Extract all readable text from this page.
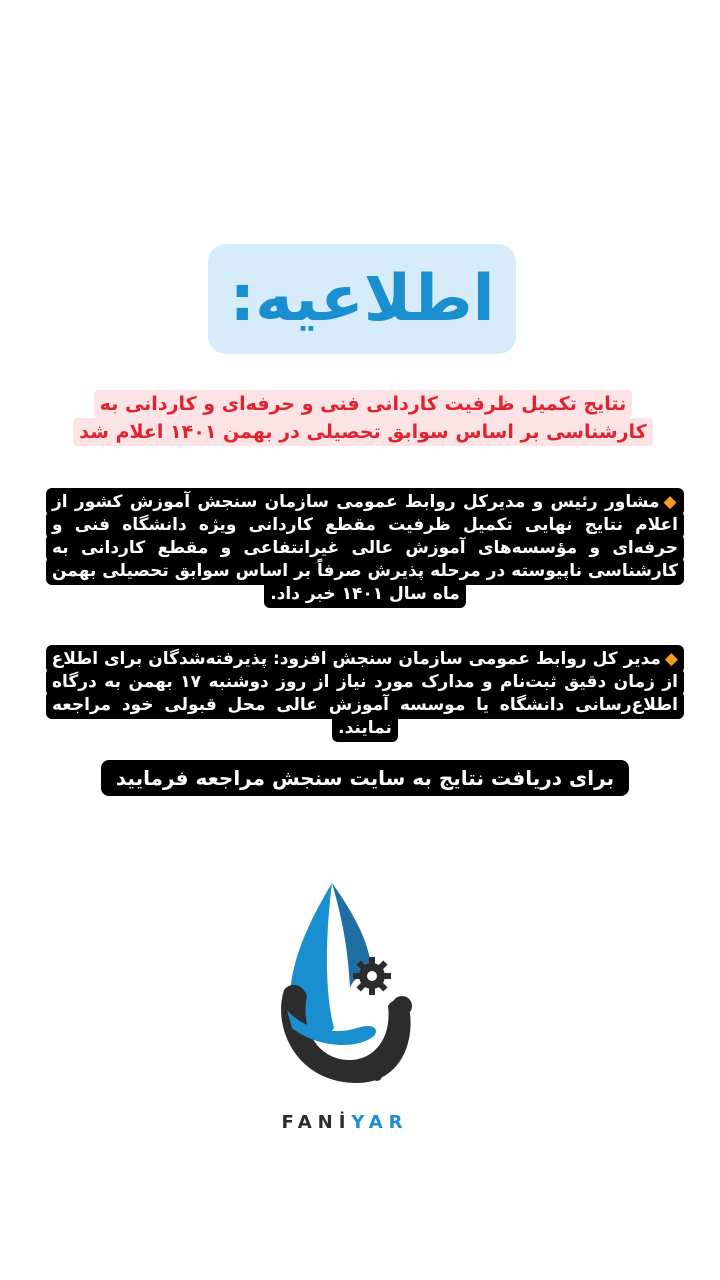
اطلاعیه:
نتایج تکمیل ظرفیت کاردانی فنی و حرفه‌ای و کاردانی به کارشناسی بر اساس سوابق تحصیلی در بهمن ۱۴۰۱ اعلام شد
◆مشاور رئیس و مدیرکل روابط عمومی سازمان سنجش آموزش کشور از اعلام نتایج نهایی تکمیل ظرفیت مقطع کاردانی ویژه دانشگاه فنی و حرفه‌ای و مؤسسه‌های آموزش عالی غیرانتفاعی و مقطع کاردانی به کارشناسی ناپیوسته در مرحله پذیرش صرفاً بر اساس سوابق تحصیلی بهمن ماه سال ۱۴۰۱ خبر داد.
◆مدیر کل روابط عمومی سازمان سنجش افزود: پذیرفته‌شدگان برای اطلاع از زمان دقیق ثبت‌نام و مدارک مورد نیاز از روز دوشنبه ۱۷ بهمن به درگاه اطلاع‌رسانی دانشگاه یا موسسه آموزش عالی محل قبولی خود مراجعه نمایند.
برای دریافت نتایج به سایت سنجش مراجعه فرمایید
FANİYAR
